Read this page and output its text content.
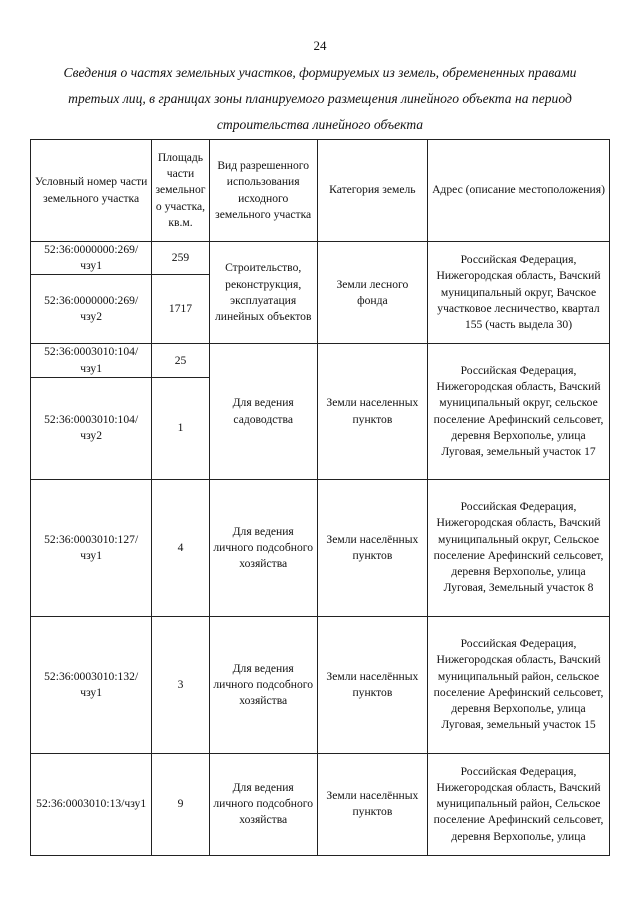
24
Сведения о частях земельных участков, формируемых из земель, обремененных правами третьих лиц, в границах зоны планируемого размещения линейного объекта на период строительства линейного объекта
Условный номер части земельного участка	Площадь части земельного участка, кв.м.	Вид разрешенного использования исходного земельного участка	Категория земель	Адрес (описание местоположения)
52:36:0000000:269/чзу1	259	Строительство, реконструкция, эксплуатация линейных объектов	Земли лесного фонда	Российская Федерация, Нижегородская область, Вачский муниципальный округ, Вачское участковое лесничество, квартал 155 (часть выдела 30)
52:36:0000000:269/чзу2	1717			
52:36:0003010:104/чзу1	25	Для ведения садоводства	Земли населенных пунктов	Российская Федерация, Нижегородская область, Вачский муниципальный округ, сельское поселение Арефинский сельсовет, деревня Верхополье, улица Луговая, земельный участок 17
52:36:0003010:104/чзу2	1			
52:36:0003010:127/чзу1	4	Для ведения личного подсобного хозяйства	Земли населённых пунктов	Российская Федерация, Нижегородская область, Вачский муниципальный округ, Сельское поселение Арефинский сельсовет, деревня Верхополье, улица Луговая, Земельный участок 8
52:36:0003010:132/чзу1	3	Для ведения личного подсобного хозяйства	Земли населённых пунктов	Российская Федерация, Нижегородская область, Вачский муниципальный район, сельское поселение Арефинский сельсовет, деревня Верхополье, улица Луговая, земельный участок 15
52:36:0003010:13/чзу1	9	Для ведения личного подсобного хозяйства	Земли населённых пунктов	Российская Федерация, Нижегородская область, Вачский муниципальный район, Сельское поселение Арефинский сельсовет, деревня Верхополье, улица
